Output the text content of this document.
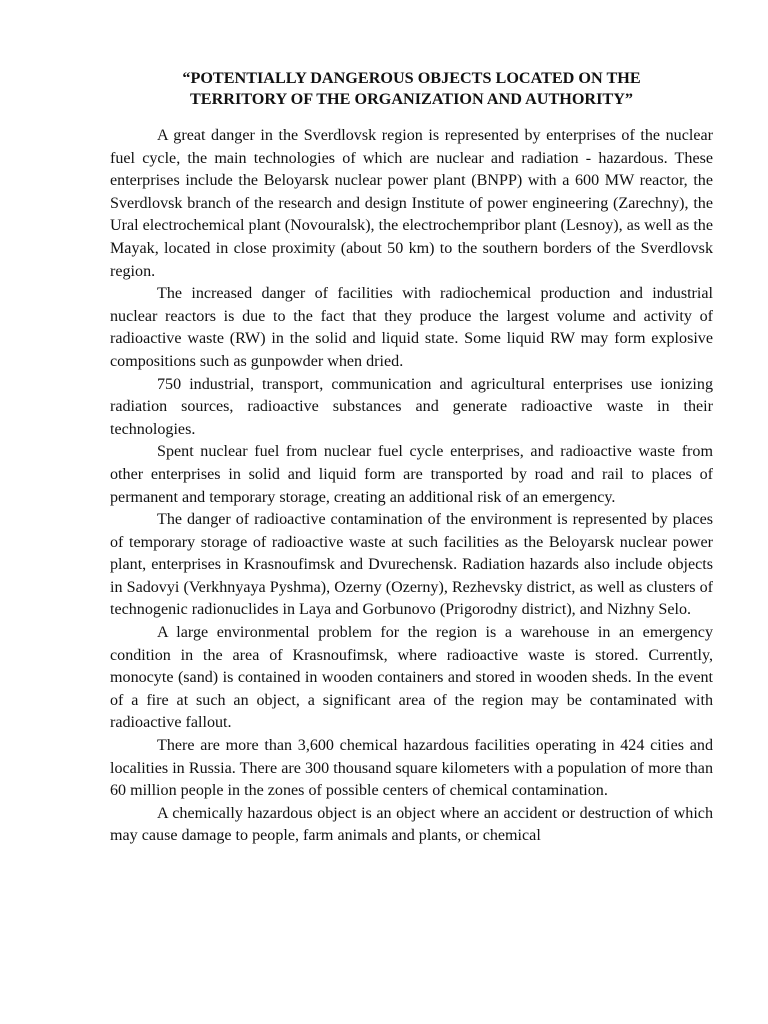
“POTENTIALLY DANGEROUS OBJECTS LOCATED ON THE
TERRITORY OF THE ORGANIZATION AND AUTHORITY”

A great danger in the Sverdlovsk region is represented by enterprises of the nuclear fuel cycle, the main technologies of which are nuclear and radiation - hazardous. These enterprises include the Beloyarsk nuclear power plant (BNPP) with a 600 MW reactor, the Sverdlovsk branch of the research and design Institute of power engineering (Zarechny), the Ural electrochemical plant (Novouralsk), the electrochempribor plant (Lesnoy), as well as the Mayak, located in close proximity (about 50 km) to the southern borders of the Sverdlovsk region.

The increased danger of facilities with radiochemical production and industrial nuclear reactors is due to the fact that they produce the largest volume and activity of radioactive waste (RW) in the solid and liquid state. Some liquid RW may form explosive compositions such as gunpowder when dried.

750 industrial, transport, communication and agricultural enterprises use ionizing radiation sources, radioactive substances and generate radioactive waste in their technologies.

Spent nuclear fuel from nuclear fuel cycle enterprises, and radioactive waste from other enterprises in solid and liquid form are transported by road and rail to places of permanent and temporary storage, creating an additional risk of an emergency.

The danger of radioactive contamination of the environment is represented by places of temporary storage of radioactive waste at such facilities as the Beloyarsk nuclear power plant, enterprises in Krasnoufimsk and Dvurechensk. Radiation hazards also include objects in Sadovyi (Verkhnyaya Pyshma), Ozerny (Ozerny), Rezhevsky district, as well as clusters of technogenic radionuclides in Laya and Gorbunovo (Prigorodny district), and Nizhny Selo.

A large environmental problem for the region is a warehouse in an emergency condition in the area of Krasnoufimsk, where radioactive waste is stored. Currently, monocyte (sand) is contained in wooden containers and stored in wooden sheds. In the event of a fire at such an object, a significant area of the region may be contaminated with radioactive fallout.

There are more than 3,600 chemical hazardous facilities operating in 424 cities and localities in Russia. There are 300 thousand square kilometers with a population of more than 60 million people in the zones of possible centers of chemical contamination.

A chemically hazardous object is an object where an accident or destruction of which may cause damage to people, farm animals and plants, or chemical
